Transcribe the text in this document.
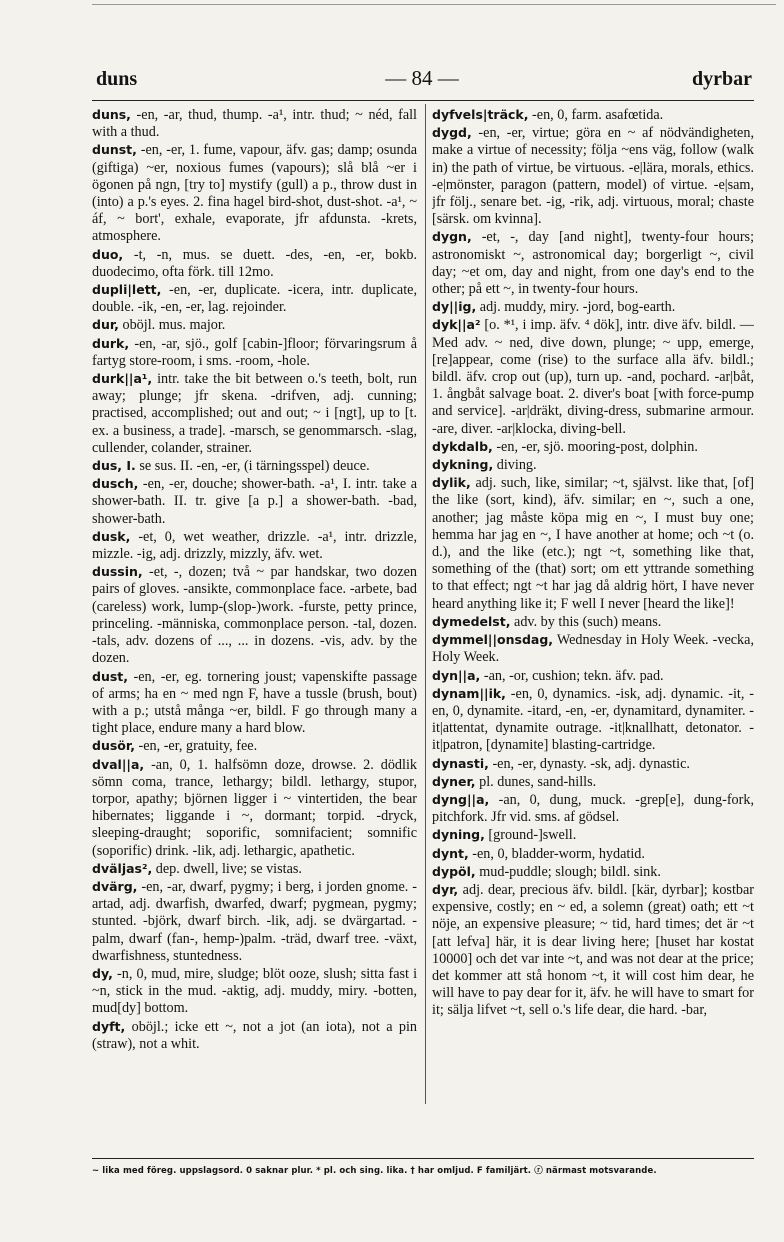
— 84 —
duns	dyrbar
duns, -en, -ar, thud, thump. -a¹, intr. thud; ~ néd, fall with a thud.
dunst, -en, -er, 1. fume, vapour, äfv. gas; damp; osunda (giftiga) ~er, noxious fumes (vapours); slå blå ~er i ögonen på ngn, [try to] mystify (gull) a p., throw dust in (into) a p.'s eyes. 2. fina hagel bird-shot, dust-shot. -a¹, ~ áf, ~ bort', exhale, evaporate, jfr afdunsta. -krets, atmosphere.
duo, -t, -n, mus. se duett. -des, -en, -er, bokb. duodecimo, ofta förk. till 12mo.
dupli|lett, -en, -er, duplicate. -icera, intr. duplicate, double. -ik, -en, -er, lag. rejoinder.
dur, oböjl. mus. major.
durk, -en, -ar, sjö., golf [cabin-]floor; förvaringsrum å fartyg store-room, i sms. -room, -hole.
durk||a¹, intr. take the bit between o.'s teeth, bolt, run away; plunge; jfr skena. -drifven, adj. cunning; practised, accomplished; out and out; ~ i [ngt], up to [t. ex. a business, a trade]. -marsch, se genommarsch. -slag, cullender, colander, strainer.
dus, I. se sus. II. -en, -er, (i tärningsspel) deuce.
dusch, -en, -er, douche; shower-bath. -a¹, I. intr. take a shower-bath. II. tr. give [a p.] a shower-bath. -bad, shower-bath.
dusk, -et, 0, wet weather, drizzle. -a¹, intr. drizzle, mizzle. -ig, adj. drizzly, mizzly, äfv. wet.
dussin, -et, -, dozen; två ~ par handskar, two dozen pairs of gloves. -ansikte, commonplace face. -arbete, bad (careless) work, lump-(slop-)work. -furste, petty prince, princeling. -människa, commonplace person. -tal, dozen. -tals, adv. dozens of ..., ... in dozens. -vis, adv. by the dozen.
dust, -en, -er, eg. tornering joust; vapenskifte passage of arms; ha en ~ med ngn F, have a tussle (brush, bout) with a p.; utstå många ~er, bildl. F go through many a tight place, endure many a hard blow.
dusör, -en, -er, gratuity, fee.
dval||a, -an, 0, 1. halfsömn doze, drowse. 2. dödlik sömn coma, trance, lethargy; bildl. lethargy, stupor, torpor, apathy; björnen ligger i ~ vintertiden, the bear hibernates; liggande i ~, dormant; torpid. -dryck, sleeping-draught; soporific, somnifacient; somnific (soporific) drink. -lik, adj. lethargic, apathetic.
dväljas², dep. dwell, live; se vistas.
dvärg, -en, -ar, dwarf, pygmy; i berg, i jorden gnome. -artad, adj. dwarfish, dwarfed, dwarf; pygmean, pygmy; stunted. -björk, dwarf birch. -lik, adj. se dvärgartad. -palm, dwarf (fan-, hemp-)palm. -träd, dwarf tree. -växt, dwarfishness, stuntedness.
dy, -n, 0, mud, mire, sludge; blöt ooze, slush; sitta fast i ~n, stick in the mud. -aktig, adj. muddy, miry. -botten, mud[dy] bottom.
dyft, oböjl.; icke ett ~, not a jot (an iota), not a pin (straw), not a whit.
dyfvels|träck, -en, 0, farm. asafœtida.
dygd, -en, -er, virtue; göra en ~ af nödvändigheten, make a virtue of necessity; följa ~ens väg, follow (walk in) the path of virtue, be virtuous. -e|lära, morals, ethics. -e|mönster, paragon (pattern, model) of virtue. -e|sam, jfr följ., senare bet. -ig, -rik, adj. virtuous, moral; chaste [särsk. om kvinna].
dygn, -et, -, day [and night], twenty-four hours; astronomiskt ~, astronomical day; borgerligt ~, civil day; ~et om, day and night, from one day's end to the other; på ett ~, in twenty-four hours.
dy||ig, adj. muddy, miry. -jord, bog-earth.
dyk||a² [o. *¹, i imp. äfv. ⁴ dök], intr. dive äfv. bildl. — Med adv. ~ ned, dive down, plunge; ~ upp, emerge, [re]appear, come (rise) to the surface alla äfv. bildl.; bildl. äfv. crop out (up), turn up. -and, pochard. -ar|båt, 1. ångbåt salvage boat. 2. diver's boat [with force-pump and service]. -ar|dräkt, diving-dress, submarine armour. -are, diver. -ar|klocka, diving-bell.
dykdalb, -en, -er, sjö. mooring-post, dolphin.
dykning, diving.
dylik, adj. such, like, similar; ~t, självst. like that, [of] the like (sort, kind), äfv. similar; en ~, such a one, another; jag måste köpa mig en ~, I must buy one; hemma har jag en ~, I have another at home; och ~t (o. d.), and the like (etc.); ngt ~t, something like that, something of the (that) sort; om ett yttrande something to that effect; ngt ~t har jag då aldrig hört, I have never heard anything like it; F well I never [heard the like]!
dymedelst, adv. by this (such) means.
dymmel||onsdag, Wednesday in Holy Week. -vecka, Holy Week.
dyn||a, -an, -or, cushion; tekn. äfv. pad.
dynam||ik, -en, 0, dynamics. -isk, adj. dynamic. -it, -en, 0, dynamite. -itard, -en, -er, dynamitard, dynamiter. -it|attentat, dynamite outrage. -it|knallhatt, detonator. -it|patron, [dynamite] blasting-cartridge.
dynasti, -en, -er, dynasty. -sk, adj. dynastic.
dyner, pl. dunes, sand-hills.
dyng||a, -an, 0, dung, muck. -grep[e], dung-fork, pitchfork. Jfr vid. sms. af gödsel.
dyning, [ground-]swell.
dynt, -en, 0, bladder-worm, hydatid.
dypöl, mud-puddle; slough; bildl. sink.
dyr, adj. dear, precious äfv. bildl. [kär, dyrbar]; kostbar expensive, costly; en ~ ed, a solemn (great) oath; ett ~t nöje, an expensive pleasure; ~ tid, hard times; det är ~t [att lefva] här, it is dear living here; [huset har kostat 10000] och det var inte ~t, and was not dear at the price; det kommer att stå honom ~t, it will cost him dear, he will have to pay dear for it, äfv. he will have to smart for it; sälja lifvet ~t, sell o.'s life dear, die hard. -bar,
~ lika med föreg. uppslagsord. 0 saknar plur. * pl. och sing. lika. † har omljud. F familjärt. ⓡ närmast motsvarande.
